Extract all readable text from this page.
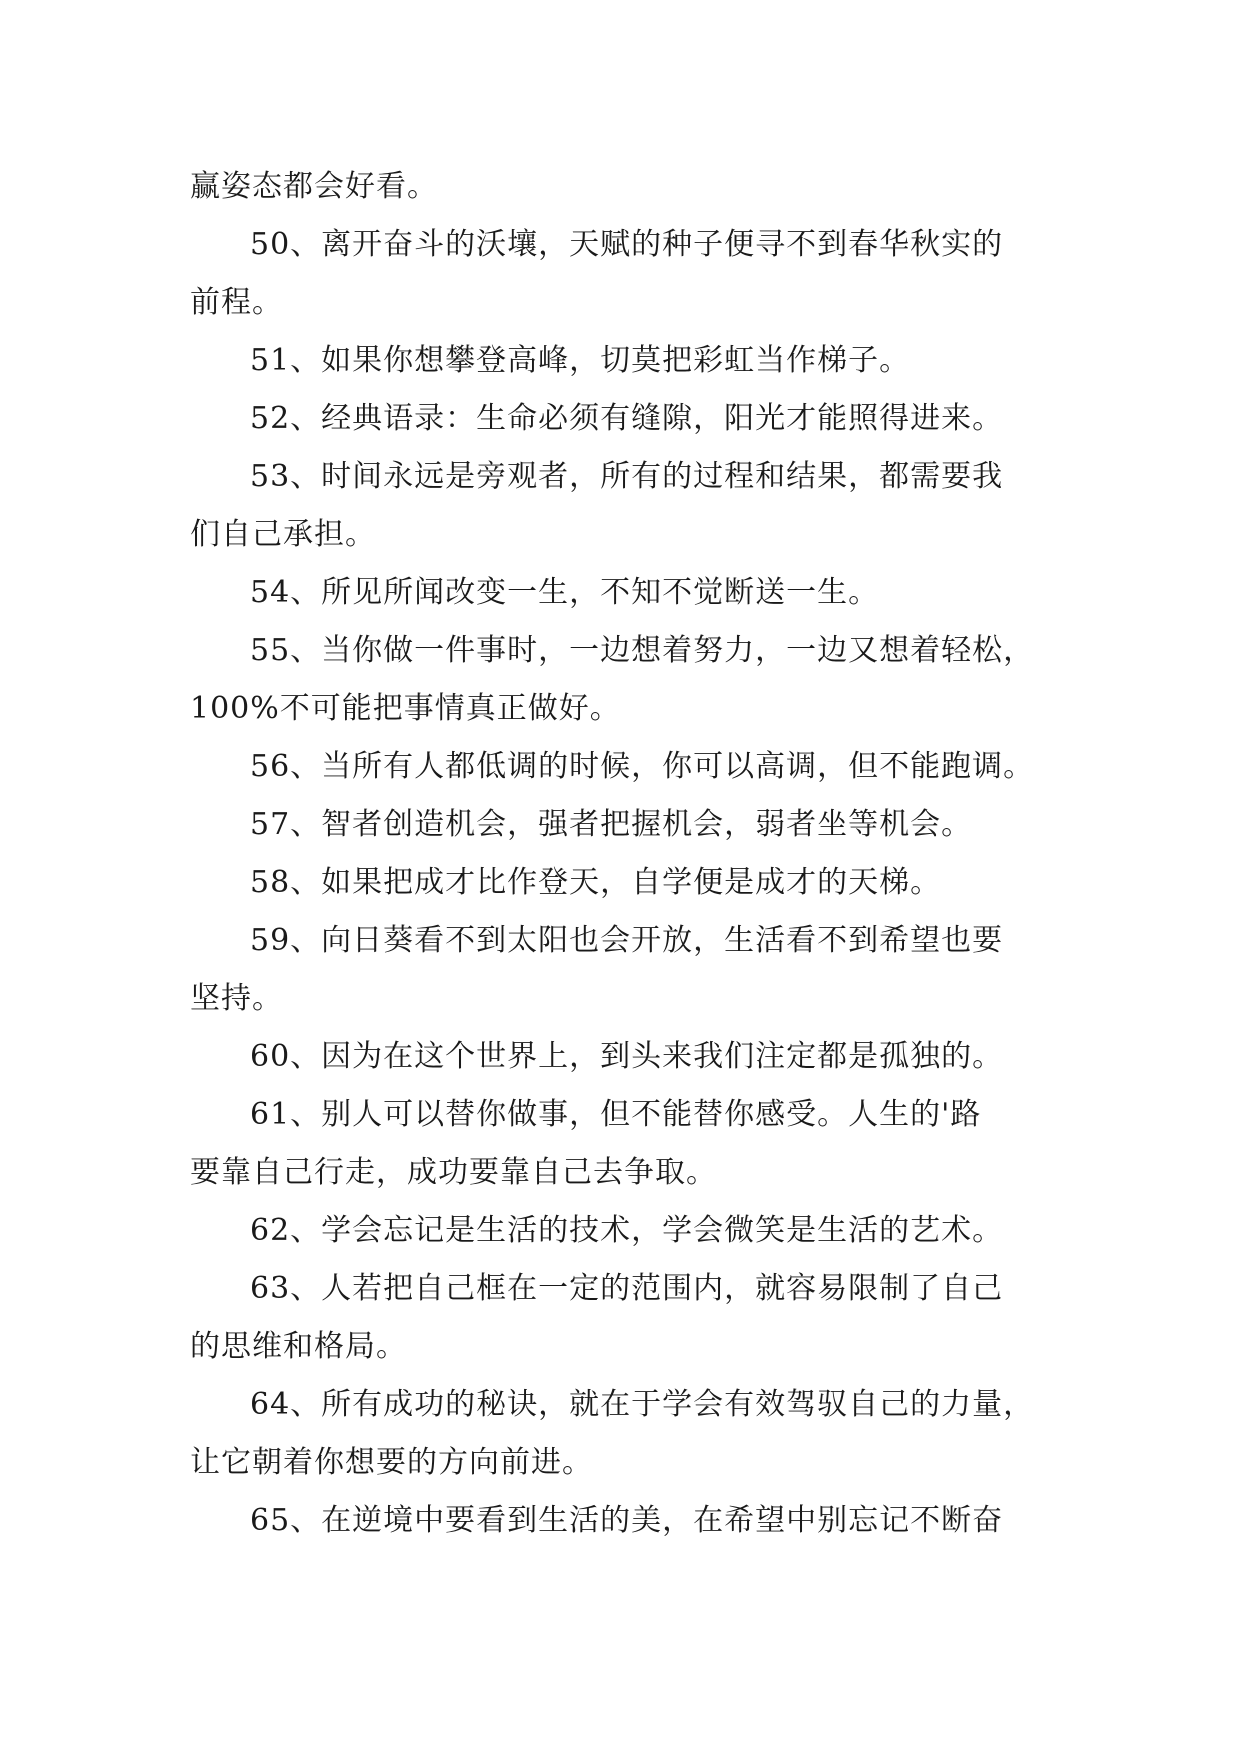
赢姿态都会好看。
50、离开奋斗的沃壤，天赋的种子便寻不到春华秋实的
前程。
51、如果你想攀登高峰，切莫把彩虹当作梯子。
52、经典语录：生命必须有缝隙，阳光才能照得进来。
53、时间永远是旁观者，所有的过程和结果，都需要我
们自己承担。
54、所见所闻改变一生，不知不觉断送一生。
55、当你做一件事时，一边想着努力，一边又想着轻松，
100%不可能把事情真正做好。
56、当所有人都低调的时候，你可以高调，但不能跑调。
57、智者创造机会，强者把握机会，弱者坐等机会。
58、如果把成才比作登天，自学便是成才的天梯。
59、向日葵看不到太阳也会开放，生活看不到希望也要
坚持。
60、因为在这个世界上，到头来我们注定都是孤独的。
61、别人可以替你做事，但不能替你感受。人生的'路
要靠自己行走，成功要靠自己去争取。
62、学会忘记是生活的技术，学会微笑是生活的艺术。
63、人若把自己框在一定的范围内，就容易限制了自己
的思维和格局。
64、所有成功的秘诀，就在于学会有效驾驭自己的力量，
让它朝着你想要的方向前进。
65、在逆境中要看到生活的美，在希望中别忘记不断奋
